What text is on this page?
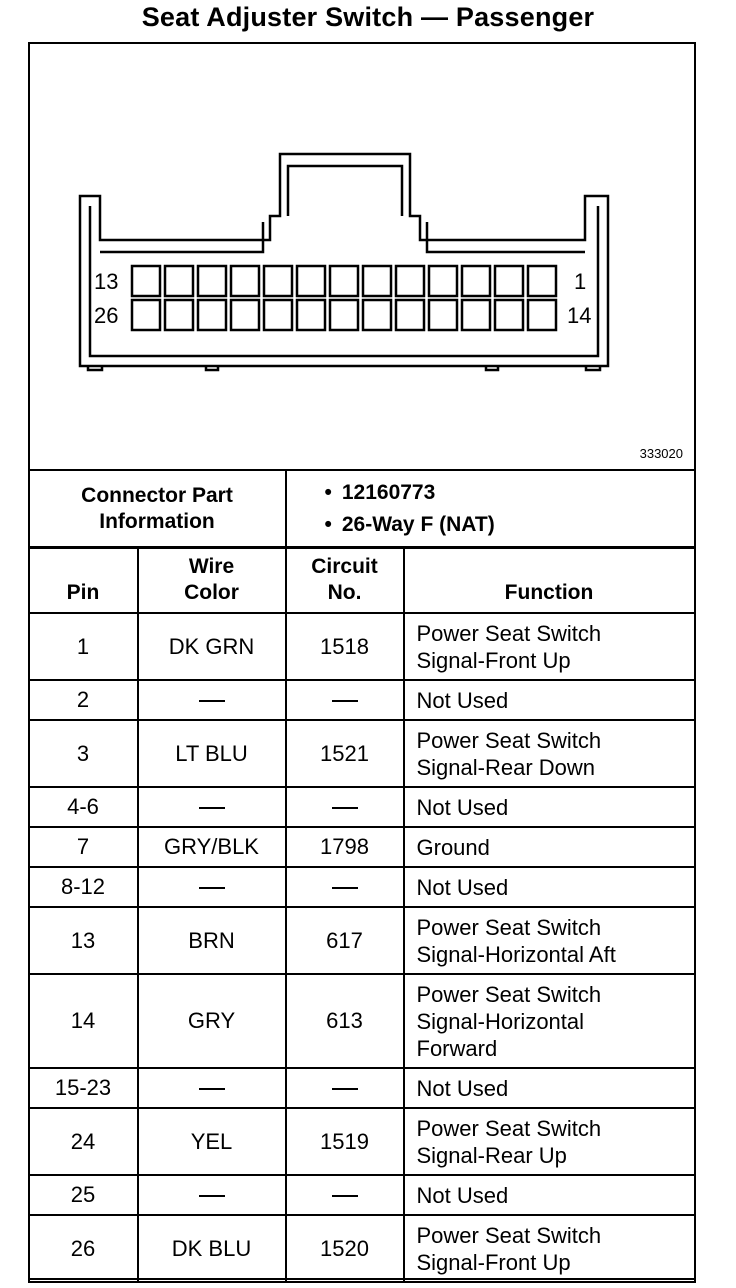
Seat Adjuster Switch — Passenger
13
26
1
14
333020
Connector Part Information	
• 12160773
• 26-Way F (NAT)
Pin	Wire Color	Circuit No.	Function
1	DK GRN	1518	Power Seat Switch
Signal-Front Up

2			Not Used

3	LT BLU	1521	Power Seat Switch
Signal-Rear Down

4-6			Not Used

7	GRY/BLK	1798	Ground

8-12			Not Used

13	BRN	617	Power Seat Switch
Signal-Horizontal Aft

14	GRY	613	Power Seat Switch
Signal-Horizontal
Forward

15-23			Not Used

24	YEL	1519	Power Seat Switch
Signal-Rear Up

25			Not Used

26	DK BLU	1520	Power Seat Switch
Signal-Front Up
